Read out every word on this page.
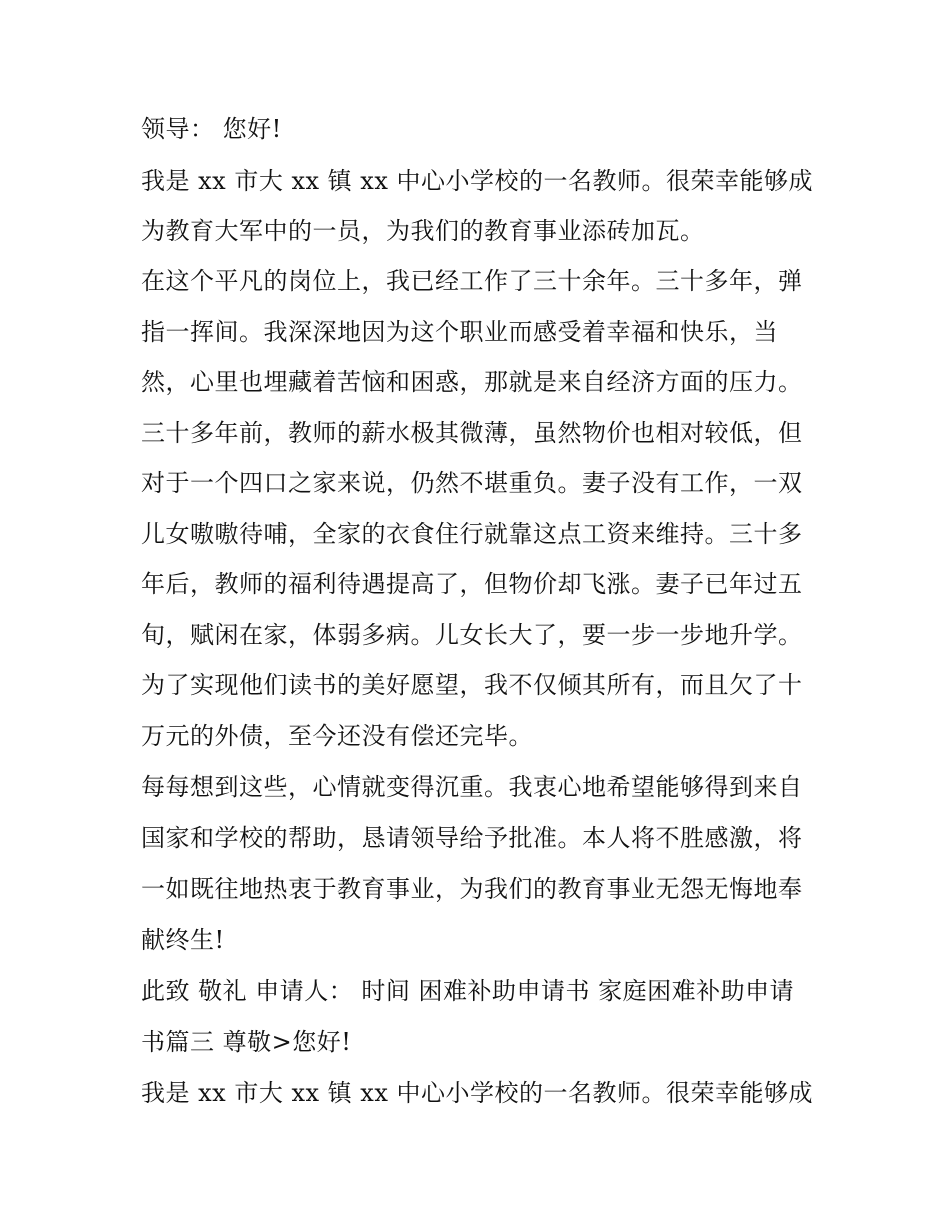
领导： 您好!
我是 xx 市大 xx 镇 xx 中心小学校的一名教师。很荣幸能够成
为教育大军中的一员，为我们的教育事业添砖加瓦。
在这个平凡的岗位上，我已经工作了三十余年。三十多年，弹
指一挥间。我深深地因为这个职业而感受着幸福和快乐，当
然，心里也埋藏着苦恼和困惑，那就是来自经济方面的压力。
三十多年前，教师的薪水极其微薄，虽然物价也相对较低，但
对于一个四口之家来说，仍然不堪重负。妻子没有工作，一双
儿女嗷嗷待哺，全家的衣食住行就靠这点工资来维持。三十多
年后，教师的福利待遇提高了，但物价却飞涨。妻子已年过五
旬，赋闲在家，体弱多病。儿女长大了，要一步一步地升学。
为了实现他们读书的美好愿望，我不仅倾其所有，而且欠了十
万元的外债，至今还没有偿还完毕。
每每想到这些，心情就变得沉重。我衷心地希望能够得到来自
国家和学校的帮助，恳请领导给予批准。本人将不胜感激，将
一如既往地热衷于教育事业，为我们的教育事业无怨无悔地奉
献终生!
此致 敬礼 申请人： 时间 困难补助申请书 家庭困难补助申请
书篇三 尊敬>您好!
我是 xx 市大 xx 镇 xx 中心小学校的一名教师。很荣幸能够成
